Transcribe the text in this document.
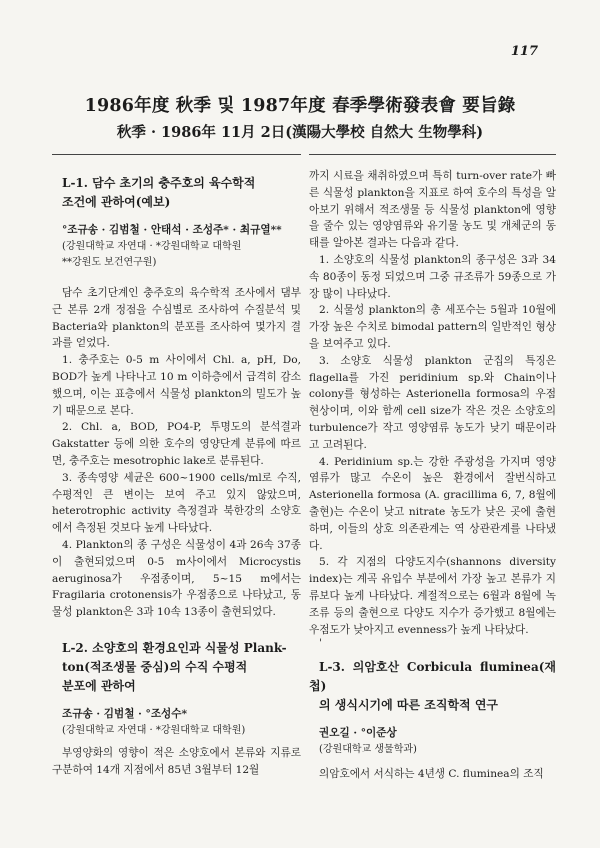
117
1986年度 秋季 및 1987年度 春季學術發表會 要旨錄
秋季 · 1986年 11月 2日(漢陽大學校 自然大 生物學科)

L-1. 담수 초기의 충주호의 육수학적

조건에 관하여(예보)

°조규송 · 김범철 · 안태석 · 조성주* · 최규열**

(강원대학교 자연대 · *강원대학교 대학원

**강원도 보건연구원)

담수 초기단계인 충주호의 육수학적 조사에서 댐부근 본류 2개 정점을 수심별로 조사하여 수질분석 및 Bacteria와 plankton의 분포를 조사하여 몇가지 결과를 얻었다.

1. 충주호는 0-5 m 사이에서 Chl. a, pH, Do, BOD가 높게 나타나고 10 m 이하층에서 급격히 감소했으며, 이는 표층에서 식물성 plankton의 밀도가 높기 때문으로 본다.

2. Chl. a, BOD, PO4-P, 투명도의 분석결과 Gakstatter 등에 의한 호수의 영양단계 분류에 따르면, 충주호는 mesotrophic lake로 분류된다.

3. 종속영양 세균은 600~1900 cells/ml로 수직, 수평적인 큰 변이는 보여 주고 있지 않았으며, heterotrophic activity 측정결과 북한강의 소양호에서 측정된 것보다 높게 나타났다.

4. Plankton의 종 구성은 식물성이 4과 26속 37종이 출현되었으며 0-5 m사이에서 Microcystis aeruginosa가 우점종이며, 5~15 m에서는 Fragilaria crotonensis가 우점종으로 나타났고, 동물성 plankton은 3과 10속 13종이 출현되었다.

L-2. 소양호의 환경요인과 식물성 Plank-

ton(적조생물 중심)의 수직 수평적

분포에 관하여

조규송 · 김범철 · °조성수*

(강원대학교 자연대 · *강원대학교 대학원)

부영양화의 영향이 적은 소양호에서 본류와 지류로 구분하여 14개 지점에서 85년 3월부터 12월

까지 시료을 채취하였으며 특히 turn-over rate가 빠른 식물성 plankton을 지표로 하여 호수의 특성을 알아보기 위해서 적조생물 등 식물성 plankton에 영향을 줄수 있는 영양염류와 유기물 농도 및 개체군의 동태를 알아본 결과는 다음과 같다.

1. 소양호의 식물성 plankton의 종구성은 3과 34속 80종이 동정 되었으며 그중 규조류가 59종으로 가장 많이 나타났다.

2. 식물성 plankton의 총 세포수는 5월과 10월에 가장 높은 수치로 bimodal pattern의 일반적인 형상을 보여주고 있다.

3. 소양호 식물성 plankton 군집의 특징은 flagella를 가진 peridinium sp.와 Chain이나 colony를 형성하는 Asterionella formosa의 우점현상이며, 이와 함께 cell size가 작은 것은 소양호의 turbulence가 작고 영양염류 농도가 낮기 때문이라고 고려된다.

4. Peridinium sp.는 강한 주광성을 가지며 영양염류가 많고 수온이 높은 환경에서 잘번식하고 Asterionella formosa (A. gracillima 6, 7, 8월에 출현)는 수온이 낮고 nitrate 농도가 낮은 곳에 출현하며, 이들의 상호 의존관계는 역 상관관계를 나타냈다.

5. 각 지점의 다양도지수(shannons diversity index)는 계곡 유입수 부분에서 가장 높고 본류가 지류보다 높게 나타났다. 계절적으로는 6월과 8월에 녹조류 등의 출현으로 다양도 지수가 증가했고 8월에는 우점도가 낮아지고 evenness가 높게 나타났다.

'

L-3. 의암호산 Corbicula fluminea(재첩)

의 생식시기에 따른 조직학적 연구

권오길 · °이준상

(강원대학교 생물학과)

의암호에서 서식하는 4년생 C. fluminea의 조직
